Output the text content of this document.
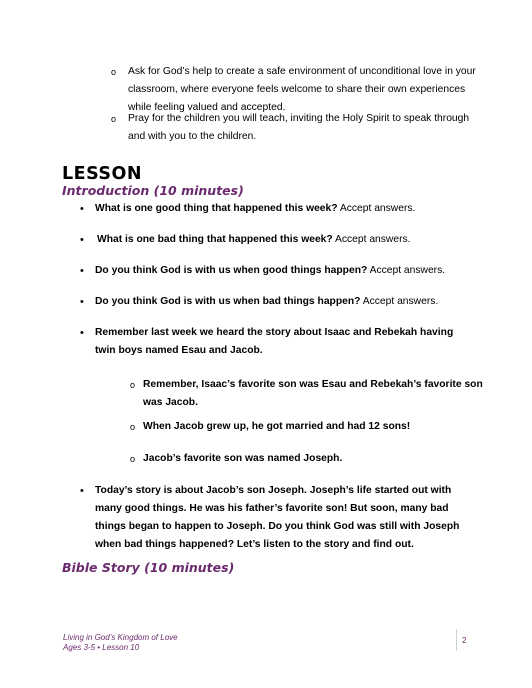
o Ask for God’s help to create a safe environment of unconditional love in your classroom, where everyone feels welcome to share their own experiences while feeling valued and accepted.
o Pray for the children you will teach, inviting the Holy Spirit to speak through and with you to the children.
LESSON
Introduction (10 minutes)
• What is one good thing that happened this week? Accept answers.
• What is one bad thing that happened this week? Accept answers.
• Do you think God is with us when good things happen? Accept answers.
• Do you think God is with us when bad things happen? Accept answers.
• Remember last week we heard the story about Isaac and Rebekah having twin boys named Esau and Jacob.
o Remember, Isaac’s favorite son was Esau and Rebekah’s favorite son was Jacob.
o When Jacob grew up, he got married and had 12 sons!
o Jacob’s favorite son was named Joseph.
• Today’s story is about Jacob’s son Joseph. Joseph’s life started out with many good things. He was his father’s favorite son! But soon, many bad things began to happen to Joseph. Do you think God was still with Joseph when bad things happened? Let’s listen to the story and find out.
Bible Story (10 minutes)
Living in God’s Kingdom of Love
Ages 3-5 • Lesson 10
2
